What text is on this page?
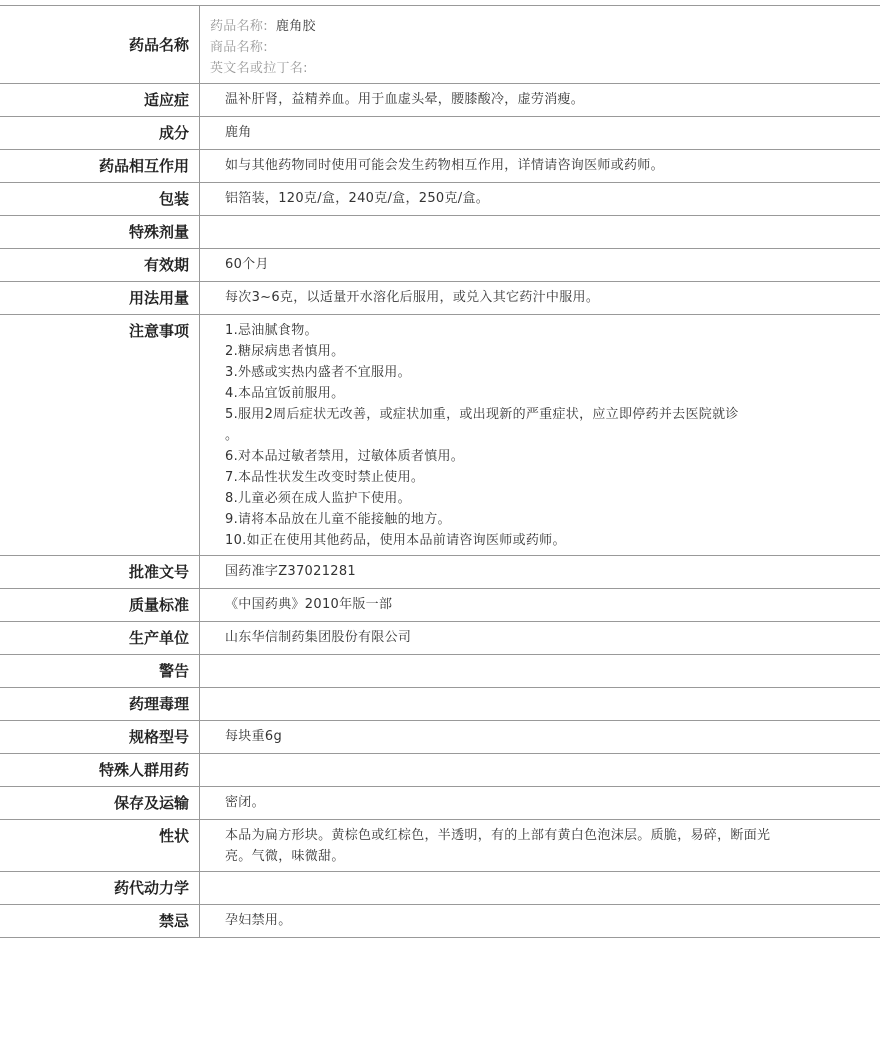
药品名称
药品名称: 鹿角胶
商品名称:
英文名或拉丁名:
适应症	温补肝肾，益精养血。用于血虚头晕，腰膝酸冷，虚劳消瘦。
成分	鹿角
药品相互作用	如与其他药物同时使用可能会发生药物相互作用，详情请咨询医师或药师。
包装	铝箔装，120克/盒，240克/盒，250克/盒。
特殊剂量
有效期	60个月
用法用量	每次3~6克，以适量开水溶化后服用，或兑入其它药汁中服用。
注意事项	1.忌油腻食物。
2.糖尿病患者慎用。
3.外感或实热内盛者不宜服用。
4.本品宜饭前服用。
5.服用2周后症状无改善，或症状加重，或出现新的严重症状，应立即停药并去医院就诊
。
6.对本品过敏者禁用，过敏体质者慎用。
7.本品性状发生改变时禁止使用。
8.儿童必须在成人监护下使用。
9.请将本品放在儿童不能接触的地方。
10.如正在使用其他药品，使用本品前请咨询医师或药师。
批准文号	国药准字Z37021281
质量标准	《中国药典》2010年版一部
生产单位	山东华信制药集团股份有限公司
警告
药理毒理
规格型号	每块重6g
特殊人群用药
保存及运输	密闭。
性状	本品为扁方形块。黄棕色或红棕色，半透明，有的上部有黄白色泡沫层。质脆，易碎，断面光亮。气微，味微甜。
药代动力学
禁忌	孕妇禁用。
